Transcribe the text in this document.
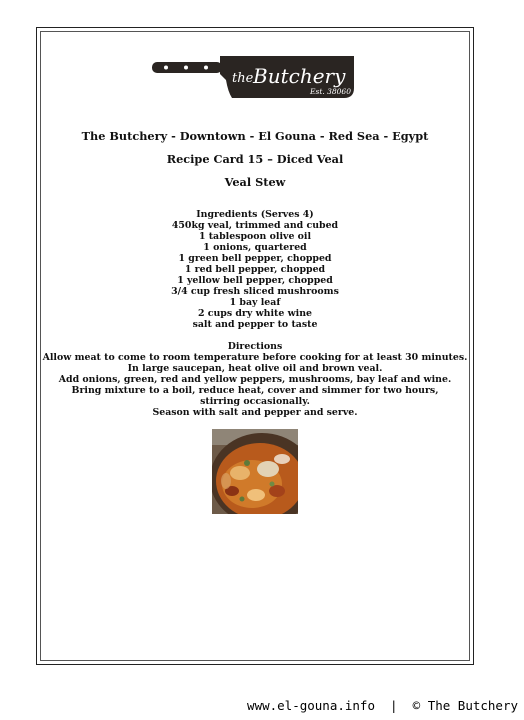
the Butchery
Est. 38060
The Butchery - Downtown - El Gouna - Red Sea - Egypt
Recipe Card 15 – Diced Veal
Veal Stew

Ingredients (Serves 4)

450kg veal, trimmed and cubed

1 tablespoon olive oil

1 onions, quartered

1 green bell pepper, chopped

1 red bell pepper, chopped

1 yellow bell pepper, chopped

3/4 cup fresh sliced mushrooms

1 bay leaf

2 cups dry white wine

salt and pepper to taste

Directions

Allow meat to come to room temperature before cooking for at least 30 minutes.

In large saucepan, heat olive oil and brown veal.

Add onions, green, red and yellow peppers, mushrooms, bay leaf and wine.

Bring mixture to a boil, reduce heat, cover and simmer for two hours, stirring occasionally.

Season with salt and pepper and serve.

www.el-gouna.info | © The Butchery
